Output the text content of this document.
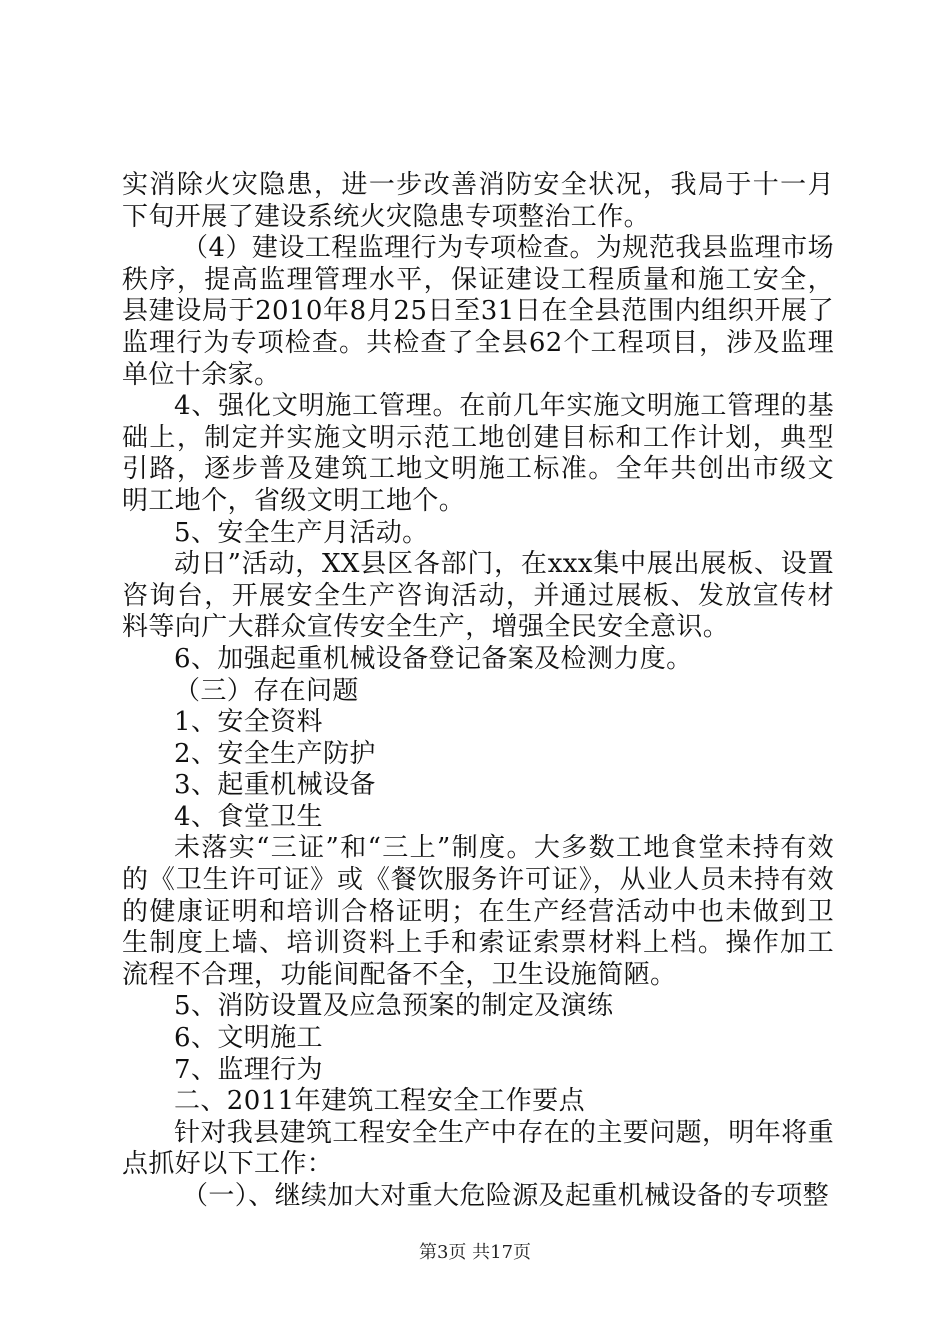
实消除火灾隐患，进一步改善消防安全状况，我局于十一月下旬开展了建设系统火灾隐患专项整治工作。

（4）建设工程监理行为专项检查。为规范我县监理市场秩序，提高监理管理水平，保证建设工程质量和施工安全，县建设局于2010年8月25日至31日在全县范围内组织开展了监理行为专项检查。共检查了全县62个工程项目，涉及监理单位十余家。

4、强化文明施工管理。在前几年实施文明施工管理的基础上，制定并实施文明示范工地创建目标和工作计划，典型引路，逐步普及建筑工地文明施工标准。全年共创出市级文明工地个，省级文明工地个。

5、安全生产月活动。

动日”活动，XX县区各部门，在xxx集中展出展板、设置咨询台，开展安全生产咨询活动，并通过展板、发放宣传材料等向广大群众宣传安全生产，增强全民安全意识。

6、加强起重机械设备登记备案及检测力度。

（三）存在问题

1、安全资料

2、安全生产防护

3、起重机械设备

4、食堂卫生

未落实“三证”和“三上”制度。大多数工地食堂未持有效的《卫生许可证》或《餐饮服务许可证》，从业人员未持有效的健康证明和培训合格证明；在生产经营活动中也未做到卫生制度上墙、培训资料上手和索证索票材料上档。操作加工流程不合理，功能间配备不全，卫生设施简陋。

5、消防设置及应急预案的制定及演练

6、文明施工

7、监理行为

二、2011年建筑工程安全工作要点

针对我县建筑工程安全生产中存在的主要问题，明年将重点抓好以下工作：

（一）、继续加大对重大危险源及起重机械设备的专项整

第3页 共17页
